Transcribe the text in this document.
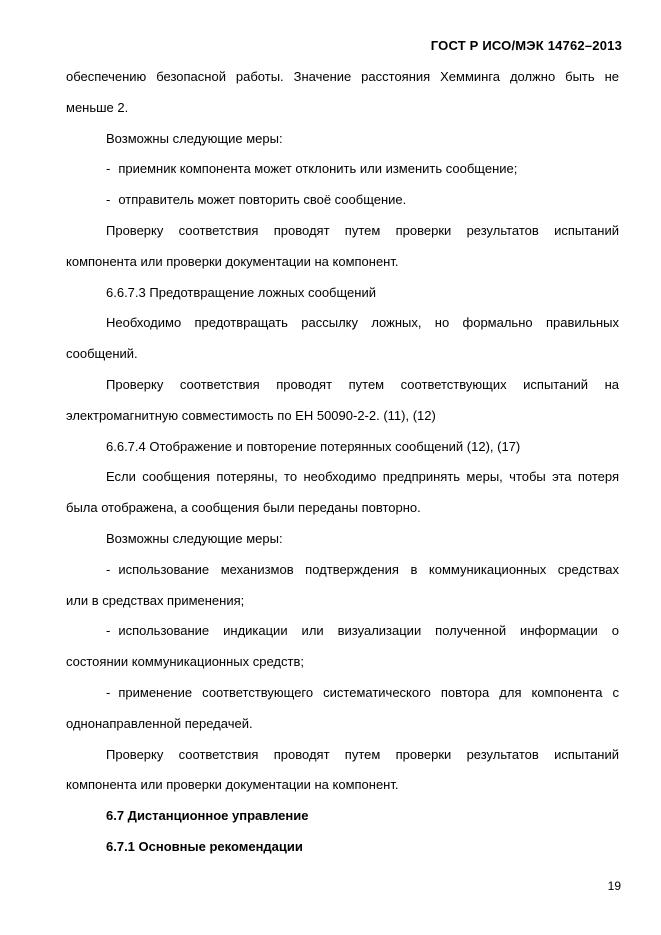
ГОСТ Р ИСО/МЭК 14762–2013
обеспечению безопасной работы. Значение расстояния Хемминга должно быть не
меньше 2.
Возможны следующие меры:
- приемник компонента может отклонить или изменить сообщение;
- отправитель может повторить своё сообщение.
Проверку соответствия проводят путем проверки результатов испытаний
компонента или проверки документации на компонент.
6.6.7.3 Предотвращение ложных сообщений
Необходимо предотвращать рассылку ложных, но формально правильных
сообщений.
Проверку соответствия проводят путем соответствующих испытаний на
электромагнитную совместимость по ЕН 50090-2-2. (11), (12)
6.6.7.4 Отображение и повторение потерянных сообщений (12), (17)
Если сообщения потеряны, то необходимо предпринять меры, чтобы эта потеря
была отображена, а сообщения были переданы повторно.
Возможны следующие меры:
- использование механизмов подтверждения в коммуникационных средствах
или в средствах применения;
- использование индикации или визуализации полученной информации о
состоянии коммуникационных средств;
- применение соответствующего систематического повтора для компонента с
однонаправленной передачей.
Проверку соответствия проводят путем проверки результатов испытаний
компонента или проверки документации на компонент.
6.7 Дистанционное управление
6.7.1 Основные рекомендации
19
